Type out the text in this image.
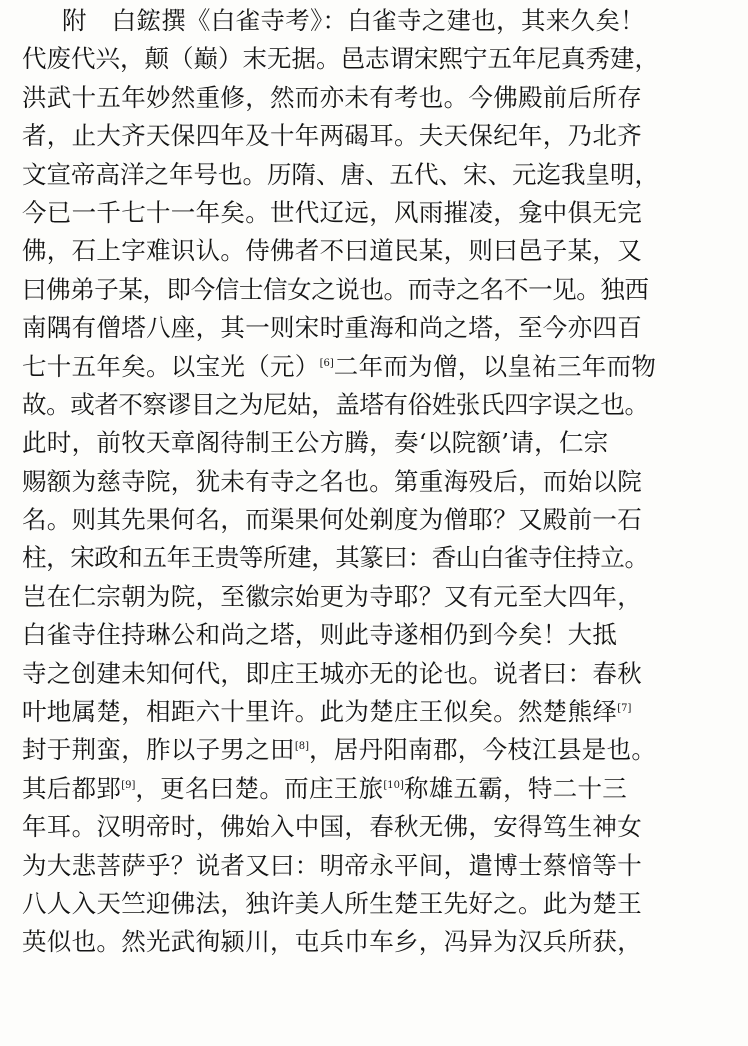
附　白鋐撰《白雀寺考》：白雀寺之建也，其来久矣！
代废代兴，颠（巅）末无据。邑志谓宋熙宁五年尼真秀建，
洪武十五年妙然重修，然而亦未有考也。今佛殿前后所存
者，止大齐天保四年及十年两碣耳。夫天保纪年，乃北齐
文宣帝高洋之年号也。历隋、唐、五代、宋、元迄我皇明，
今已一千七十一年矣。世代辽远，风雨摧凌，龛中俱无完
佛，石上字难识认。侍佛者不曰道民某，则曰邑子某，又
曰佛弟子某，即今信士信女之说也。而寺之名不一见。独西
南隅有僧塔八座，其一则宋时重海和尚之塔，至今亦四百
七十五年矣。以宝光（元）[6]二年而为僧，以皇祐三年而物
故。或者不察谬目之为尼姑，盖塔有俗姓张氏四字误之也。
此时，前牧天章阁待制王公方腾，奏‘以院额’请，仁宗
赐额为慈寺院，犹未有寺之名也。第重海殁后，而始以院
名。则其先果何名，而渠果何处剃度为僧耶？又殿前一石
柱，宋政和五年王贵等所建，其篆曰：香山白雀寺住持立。
岂在仁宗朝为院，至徽宗始更为寺耶？又有元至大四年，
白雀寺住持琳公和尚之塔，则此寺遂相仍到今矣！大抵
寺之创建未知何代，即庄王城亦无的论也。说者曰：春秋
叶地属楚，相距六十里许。此为楚庄王似矣。然楚熊绎[7]
封于荆蛮，胙以子男之田[8]，居丹阳南郡，今枝江县是也。
其后都郢[9]，更名曰楚。而庄王旅[10]称雄五霸，特二十三
年耳。汉明帝时，佛始入中国，春秋无佛，安得笃生神女
为大悲菩萨乎？说者又曰：明帝永平间，遣博士蔡愔等十
八人入天竺迎佛法，独许美人所生楚王先好之。此为楚王
英似也。然光武徇颍川，屯兵巾车乡，冯异为汉兵所获，
